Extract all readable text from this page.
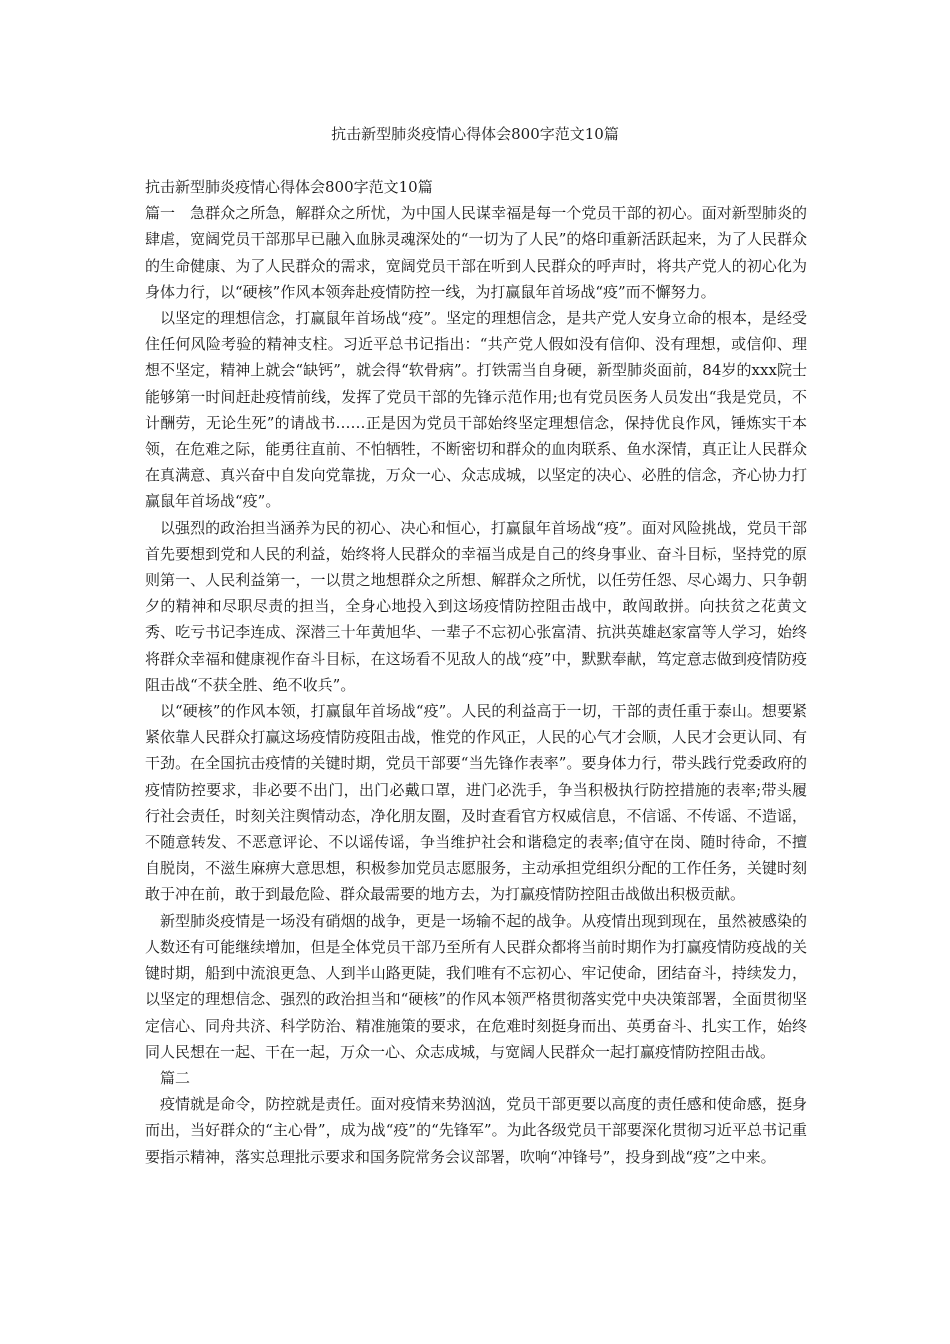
抗击新型肺炎疫情心得体会800字范文10篇

抗击新型肺炎疫情心得体会800字范文10篇

篇一　急群众之所急，解群众之所忧，为中国人民谋幸福是每一个党员干部的初心。面对新型肺炎的肆虐，宽阔党员干部那早已融入血脉灵魂深处的“一切为了人民”的烙印重新活跃起来，为了人民群众的生命健康、为了人民群众的需求，宽阔党员干部在听到人民群众的呼声时，将共产党人的初心化为身体力行，以“硬核”作风本领奔赴疫情防控一线，为打赢鼠年首场战“疫”而不懈努力。

以坚定的理想信念，打赢鼠年首场战“疫”。坚定的理想信念，是共产党人安身立命的根本，是经受住任何风险考验的精神支柱。习近平总书记指出：“共产党人假如没有信仰、没有理想，或信仰、理想不坚定，精神上就会“缺钙”，就会得“软骨病”。打铁需当自身硬，新型肺炎面前，84岁的xxx院士能够第一时间赶赴疫情前线，发挥了党员干部的先锋示范作用;也有党员医务人员发出“我是党员，不计酬劳，无论生死”的请战书……正是因为党员干部始终坚定理想信念，保持优良作风，锤炼实干本领，在危难之际，能勇往直前、不怕牺牲，不断密切和群众的血肉联系、鱼水深情，真正让人民群众在真满意、真兴奋中自发向党靠拢，万众一心、众志成城，以坚定的决心、必胜的信念，齐心协力打赢鼠年首场战“疫”。

以强烈的政治担当涵养为民的初心、决心和恒心，打赢鼠年首场战“疫”。面对风险挑战，党员干部首先要想到党和人民的利益，始终将人民群众的幸福当成是自己的终身事业、奋斗目标，坚持党的原则第一、人民利益第一，一以贯之地想群众之所想、解群众之所忧，以任劳任怨、尽心竭力、只争朝夕的精神和尽职尽责的担当，全身心地投入到这场疫情防控阻击战中，敢闯敢拼。向扶贫之花黄文秀、吃亏书记李连成、深潜三十年黄旭华、一辈子不忘初心张富清、抗洪英雄赵家富等人学习，始终将群众幸福和健康视作奋斗目标，在这场看不见敌人的战“疫”中，默默奉献，笃定意志做到疫情防疫阻击战“不获全胜、绝不收兵”。

以“硬核”的作风本领，打赢鼠年首场战“疫”。人民的利益高于一切，干部的责任重于泰山。想要紧紧依靠人民群众打赢这场疫情防疫阻击战，惟党的作风正，人民的心气才会顺，人民才会更认同、有干劲。在全国抗击疫情的关键时期，党员干部要“当先锋作表率”。要身体力行，带头践行党委政府的疫情防控要求，非必要不出门，出门必戴口罩，进门必洗手，争当积极执行防控措施的表率;带头履行社会责任，时刻关注舆情动态，净化朋友圈，及时查看官方权威信息，不信谣、不传谣、不造谣，不随意转发、不恶意评论、不以谣传谣，争当维护社会和谐稳定的表率;值守在岗、随时待命，不擅自脱岗，不滋生麻痹大意思想，积极参加党员志愿服务，主动承担党组织分配的工作任务，关键时刻敢于冲在前，敢于到最危险、群众最需要的地方去，为打赢疫情防控阻击战做出积极贡献。

新型肺炎疫情是一场没有硝烟的战争，更是一场输不起的战争。从疫情出现到现在，虽然被感染的人数还有可能继续增加，但是全体党员干部乃至所有人民群众都将当前时期作为打赢疫情防疫战的关键时期，船到中流浪更急、人到半山路更陡，我们唯有不忘初心、牢记使命，团结奋斗，持续发力，以坚定的理想信念、强烈的政治担当和“硬核”的作风本领严格贯彻落实党中央决策部署，全面贯彻坚定信心、同舟共济、科学防治、精准施策的要求，在危难时刻挺身而出、英勇奋斗、扎实工作，始终同人民想在一起、干在一起，万众一心、众志成城，与宽阔人民群众一起打赢疫情防控阻击战。

篇二

疫情就是命令，防控就是责任。面对疫情来势汹汹，党员干部更要以高度的责任感和使命感，挺身而出，当好群众的“主心骨”，成为战“疫”的“先锋军”。为此各级党员干部要深化贯彻习近平总书记重要指示精神，落实总理批示要求和国务院常务会议部署，吹响“冲锋号”，投身到战“疫”之中来。
